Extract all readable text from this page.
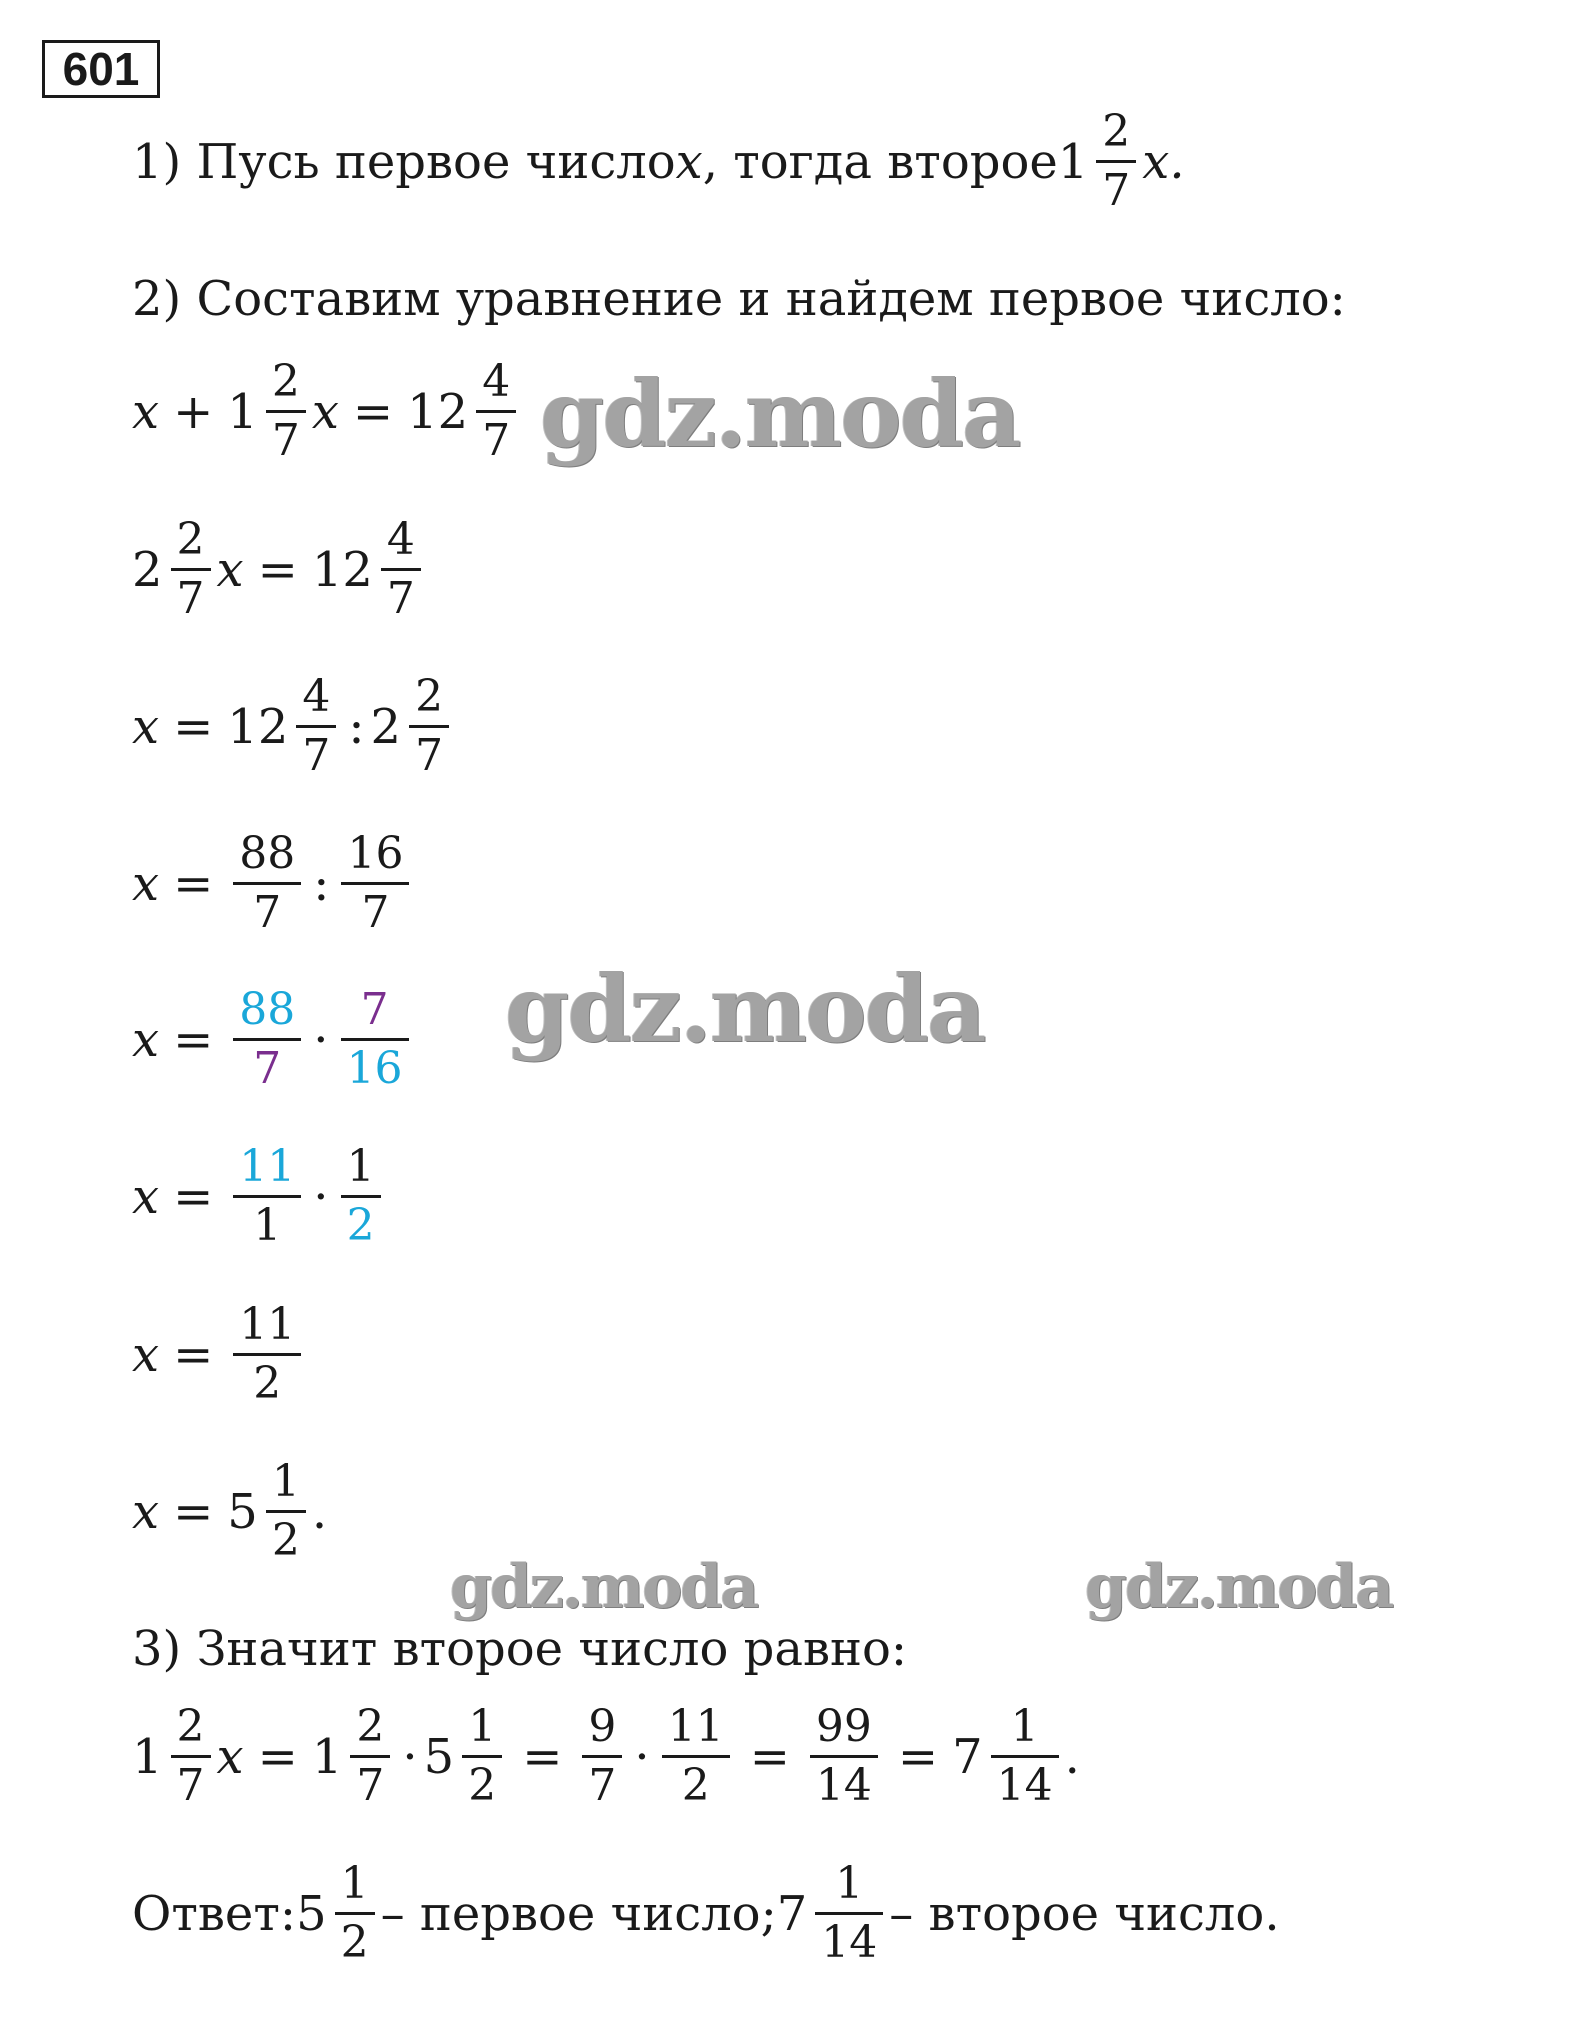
601
1) Пусь первое число x , тогда второе $1 \frac{2}{7} x$.
2) Составим уравнение и найдем первое число:
$x + 1 \frac{2}{7}$ $x = 12 \frac{4}{7}$
$2 \frac{2}{7}$ $x = 12 \frac{4}{7}$
$x = 12 \frac{4}{7}$ : $2 \frac{2}{7}$
$x = \frac{88}{7}$ : $\frac{16}{7}$
$x = \frac{88}{7} \cdot \frac{7}{16}$
$x = \frac{11}{1} \cdot \frac{1}{2}$
$x = \frac{11}{2}$
$x = 5 \frac{1}{2}$ .
3) Значит второе число равно:
$1 \frac{2}{7}$ $x = 1 \frac{2}{7} \cdot 5 \frac{1}{2} = \frac{9}{7} \cdot \frac{11}{2} = \frac{99}{14} = 7 \frac{1}{14}$ .
Ответ: $5 \frac{1}{2}$ – первое число; $7 \frac{1}{14}$ – второе число.
gdz.moda
gdz.moda
gdz.moda	gdz.moda
